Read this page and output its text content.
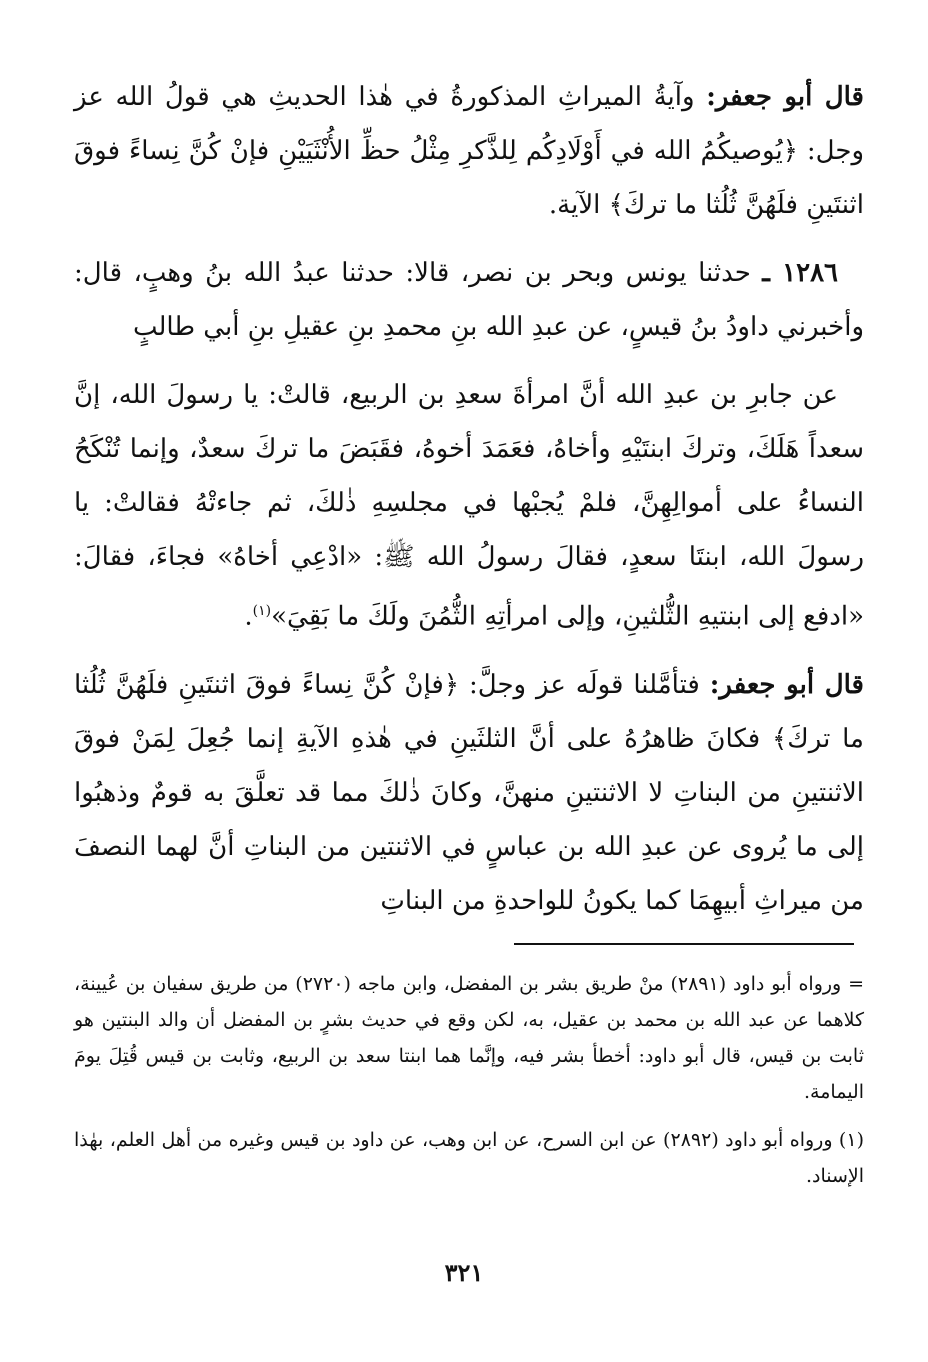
قال أبو جعفر: وآيةُ الميراثِ المذكورةُ في هٰذا الحديثِ هي قولُ الله عز وجل: ﴿يُوصيكُمُ الله في أَوْلَادِكُم لِلذَّكرِ مِثْلُ حظِّ الأُنْثَيَيْنِ فإنْ كُنَّ نِساءً فوقَ اثنتَينِ فلَهُنَّ ثُلُثا ما تركَ﴾ الآية.

١٢٨٦ ـ حدثنا يونس وبحر بن نصر، قالا: حدثنا عبدُ الله بنُ وهبٍ، قال: وأخبرني داودُ بنُ قيسٍ، عن عبدِ الله بنِ محمدِ بنِ عقيلِ بنِ أبي طالبٍ

عن جابرِ بن عبدِ الله أنَّ امرأةَ سعدِ بن الربيع، قالتْ: يا رسولَ الله، إنَّ سعداً هَلَكَ، وتركَ ابنتَيْهِ وأخاهُ، فعَمَدَ أخوهُ، فقَبَضَ ما تركَ سعدٌ، وإنما تُنْكَحُ النساءُ على أموالِهِنَّ، فلمْ يُجبْها في مجلسِهِ ذٰلكَ، ثم جاءتْهُ فقالتْ: يا رسولَ الله، ابنتَا سعدٍ، فقالَ رسولُ الله ﷺ: «ادْعِي أخاهُ» فجاءَ، فقالَ: «ادفع إلى ابنتيهِ الثُّلثينِ، وإلى امرأتِهِ الثُّمُنَ ولَكَ ما بَقِيَ»$^{(١)}$.

قال أبو جعفر: فتأمَّلنا قولَه عز وجلَّ: ﴿فإنْ كُنَّ نِساءً فوقَ اثنتَينِ فلَهُنَّ ثُلُثا ما تركَ﴾ فكانَ ظاهرُهُ على أنَّ الثلثَينِ في هٰذهِ الآيةِ إنما جُعِلَ لِمَنْ فوقَ الاثنتينِ من البناتِ لا الاثنتينِ منهنَّ، وكانَ ذٰلكَ مما قد تعلَّقَ به قومٌ وذهبُوا إلى ما يُروى عن عبدِ الله بن عباسٍ في الاثنتين من البناتِ أنَّ لهما النصفَ من ميراثِ أبيهِمَا كما يكونُ للواحدةِ من البناتِ

= ورواه أبو داود (٢٨٩١) منْ طريق بشر بن المفضل، وابن ماجه (٢٧٢٠) من طريق سفيان بن عُيينة، كلاهما عن عبد الله بن محمد بن عقيل، به، لكن وقع في حديث بشرٍ بن المفضل أن والد البنتين هو ثابت بن قيس، قال أبو داود: أخطأ بشر فيه، وإنَّما هما ابنتا سعد بن الربيع، وثابت بن قيس قُتِلَ يومَ اليمامة.

(١) ورواه أبو داود (٢٨٩٢) عن ابن السرح، عن ابن وهب، عن داود بن قيس وغيره من أهل العلم، بهٰذا الإسناد.

٣٢١
